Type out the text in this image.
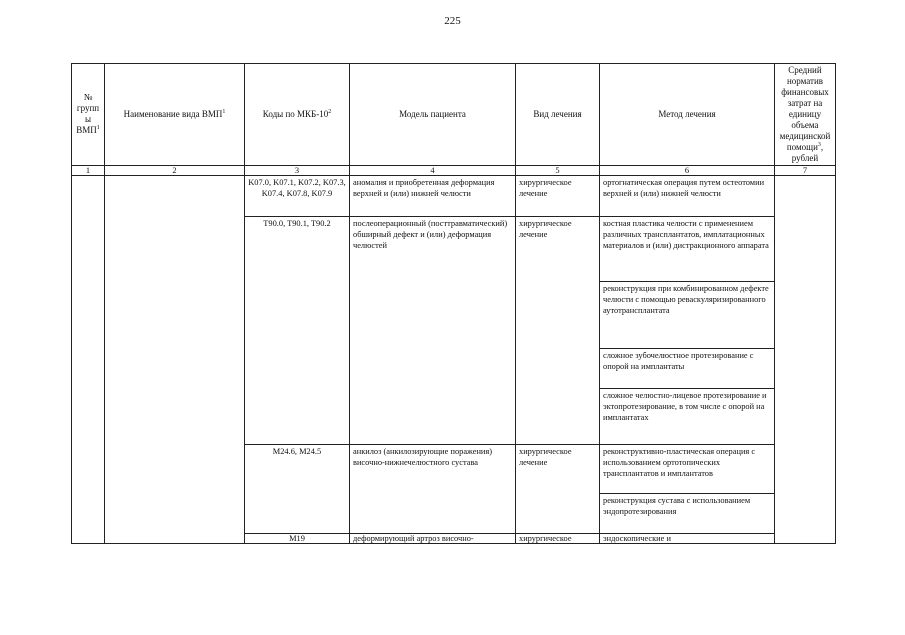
225
№ групп ы ВМП$^1$	Наименование вида ВМП$^1$	Коды по МКБ-$10^2$	Модель пациента	Вид лечения	Метод лечения	Средний норматив финансовых затрат на единицу объема медицинской помощи$^3$, рублей
1	2	3	4	5	6	7
		K07.0, K07.1, K07.2, K07.3, K07.4, K07.8, K07.9	аномалия и приобретенная деформация верхней и (или) нижней челюсти	хирургическое лечение	ортогнатическая операция путем остеотомии верхней и (или) нижней челюсти	
		T90.0, T90.1, T90.2	послеоперационный (посттравматический) обширный дефект и (или) деформация челюстей	хирургическое лечение	костная пластика челюсти с применением различных трансплантатов, имплатационных материалов и (или) дистракционного аппарата	
					реконструкция при комбинированном дефекте челюсти с помощью реваскуляризированного аутотрансплантата	
					сложное зубочелюстное протезирование с опорой на имплантаты	
					сложное челюстно-лицевое протезирование и эктопротезирование, в том числе с опорой на имплантатах	
		M24.6, M24.5	анкилоз (анкилозирующие поражения) височно-нижнечелюстного сустава	хирургическое лечение	реконструктивно-пластическая операция с использованием ортотопических трансплантатов и имплантатов	
					реконструкция сустава с использованием эндопротезирования	
		M19	деформирующий артроз височно-	хирургическое	эндоскопические и	
